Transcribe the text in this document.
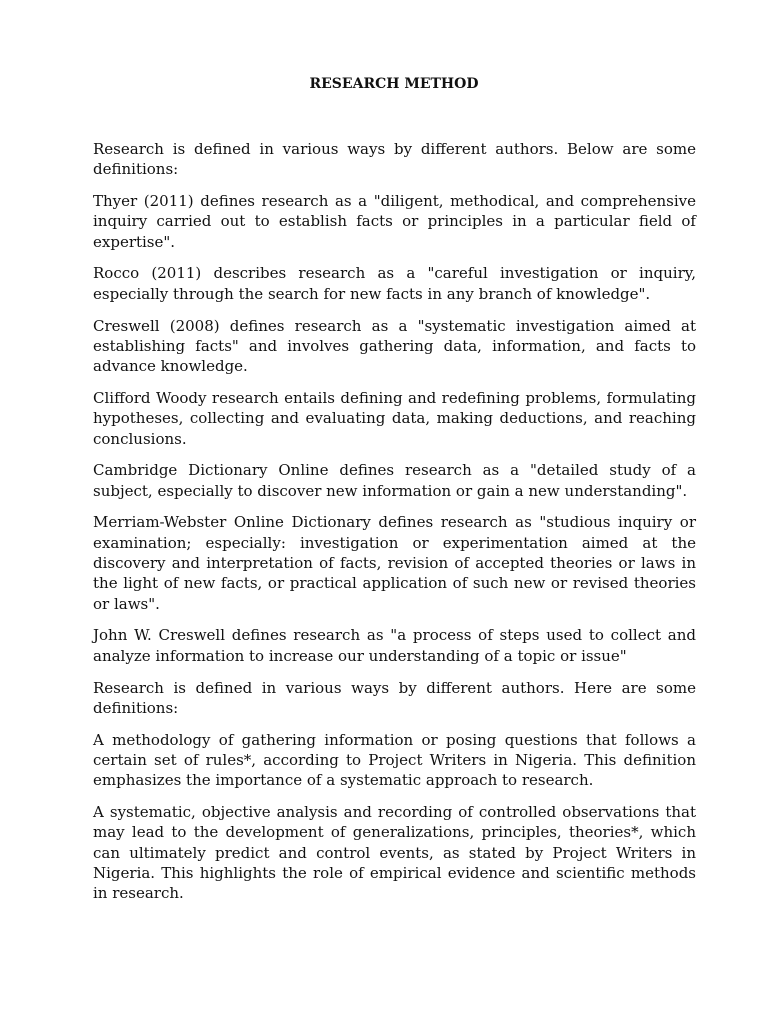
RESEARCH METHOD

Research is defined in various ways by different authors. Below are some definitions:

Thyer (2011) defines research as a "diligent, methodical, and comprehensive inquiry carried out to establish facts or principles in a particular field of expertise".

Rocco (2011) describes research as a "careful investigation or inquiry, especially through the search for new facts in any branch of knowledge".

Creswell (2008) defines research as a "systematic investigation aimed at establishing facts" and involves gathering data, information, and facts to advance knowledge.

Clifford Woody research entails defining and redefining problems, formulating hypotheses, collecting and evaluating data, making deductions, and reaching conclusions.

Cambridge Dictionary Online defines research as a "detailed study of a subject, especially to discover new information or gain a new understanding".

Merriam-Webster Online Dictionary defines research as "studious inquiry or examination; especially: investigation or experimentation aimed at the discovery and interpretation of facts, revision of accepted theories or laws in the light of new facts, or practical application of such new or revised theories or laws".

John W. Creswell defines research as "a process of steps used to collect and analyze information to increase our understanding of a topic or issue"

Research is defined in various ways by different authors. Here are some definitions:

A methodology of gathering information or posing questions that follows a certain set of rules*, according to Project Writers in Nigeria. This definition emphasizes the importance of a systematic approach to research.

A systematic, objective analysis and recording of controlled observations that may lead to the development of generalizations, principles, theories*, which can ultimately predict and control events, as stated by Project Writers in Nigeria. This highlights the role of empirical evidence and scientific methods in research.
